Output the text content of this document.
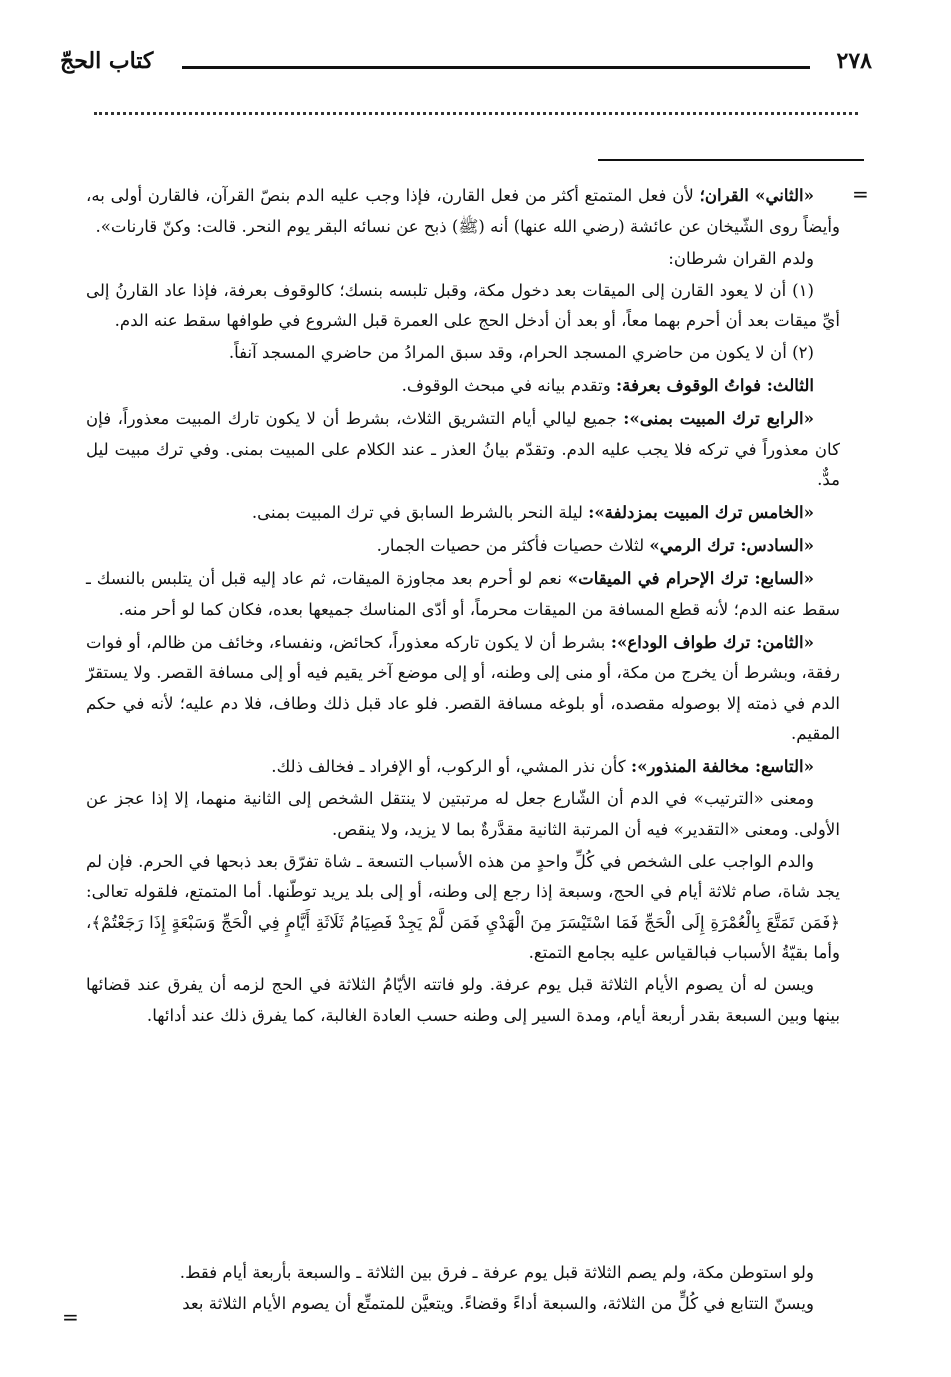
٢٧٨
كتاب الحجّ
=

«الثاني» القران؛ لأن فعل المتمتع أكثر من فعل القارن، فإذا وجب عليه الدم بنصّ القرآن، فالقارن أولى به، وأيضاً روى الشّيخان عن عائشة (رضي الله عنها) أنه (ﷺ) ذبح عن نسائه البقر يوم النحر. قالت: وكنّ قارنات».

ولدم القران شرطان:

(١) أن لا يعود القارن إلى الميقات بعد دخول مكة، وقبل تلبسه بنسك؛ كالوقوف بعرفة، فإذا عاد القارنُ إلى أيِّ ميقات بعد أن أحرم بهما معاً، أو بعد أن أدخل الحج على العمرة قبل الشروع في طوافها سقط عنه الدم.

(٢) أن لا يكون من حاضري المسجد الحرام، وقد سبق المرادُ من حاضري المسجد آنفاً.

الثالث: فواتُ الوقوف بعرفة: وتقدم بيانه في مبحث الوقوف.

«الرابع ترك المبيت بمنى»: جميع ليالي أيام التشريق الثلاث، بشرط أن لا يكون تارك المبيت معذوراً، فإن كان معذوراً في تركه فلا يجب عليه الدم. وتقدّم بيانُ العذر ـ عند الكلام على المبيت بمنى. وفي ترك مبيت ليل مدٌّ.

«الخامس ترك المبيت بمزدلفة»: ليلة النحر بالشرط السابق في ترك المبيت بمنى.

«السادس: ترك الرمي» لثلاث حصيات فأكثر من حصيات الجمار.

«السابع: ترك الإحرام في الميقات» نعم لو أحرم بعد مجاوزة الميقات، ثم عاد إليه قبل أن يتلبس بالنسك ـ سقط عنه الدم؛ لأنه قطع المسافة من الميقات محرماً، أو أدّى المناسك جميعها بعده، فكان كما لو أحر منه.

«الثامن: ترك طواف الوداع»: بشرط أن لا يكون تاركه معذوراً، كحائض، ونفساء، وخائف من ظالم، أو فوات رفقة، وبشرط أن يخرج من مكة، أو منى إلى وطنه، أو إلى موضع آخر يقيم فيه أو إلى مسافة القصر. ولا يستقرّ الدم في ذمته إلا بوصوله مقصده، أو بلوغه مسافة القصر. فلو عاد قبل ذلك وطاف، فلا دم عليه؛ لأنه في حكم المقيم.

«التاسع: مخالفة المنذور»: كأن نذر المشي، أو الركوب، أو الإفراد ـ فخالف ذلك.

ومعنى «الترتيب» في الدم أن الشّارع جعل له مرتبتين لا ينتقل الشخص إلى الثانية منهما، إلا إذا عجز عن الأولى. ومعنى «التقدير» فيه أن المرتبة الثانية مقدَّرةٌ بما لا يزيد، ولا ينقص.

والدم الواجب على الشخص في كُلِّ واحدٍ من هذه الأسباب التسعة ـ شاة تفرّق بعد ذبحها في الحرم. فإن لم يجد شاة، صام ثلاثة أيام في الحج، وسبعة إذا رجع إلى وطنه، أو إلى بلد يريد توطّنها. أما المتمتع، فلقوله تعالى: ﴿فَمَن تَمَتَّعَ بِالْعُمْرَةِ إِلَى الْحَجِّ فَمَا اسْتَيْسَرَ مِنَ الْهَدْيِ فَمَن لَّمْ يَجِدْ فَصِيَامُ ثَلَاثَةِ أَيَّامٍ فِي الْحَجِّ وَسَبْعَةٍ إِذَا رَجَعْتُمْ﴾، وأما بقيّةُ الأسباب فبالقياس عليه بجامع التمتع.

ويسن له أن يصوم الأيام الثلاثة قبل يوم عرفة. ولو فاتته الأيّامُ الثلاثة في الحج لزمه أن يفرق عند قضائها بينها وبين السبعة بقدر أربعة أيام، ومدة السير إلى وطنه حسب العادة الغالبة، كما يفرق ذلك عند أدائها.

ولو استوطن مكة، ولم يصم الثلاثة قبل يوم عرفة ـ فرق بين الثلاثة ـ والسبعة بأربعة أيام فقط.

ويسنّ التتابع في كُلٍّ من الثلاثة، والسبعة أداءً وقضاءً. ويتعيَّن للمتمتِّع أن يصوم الأيام الثلاثة بعد

=
